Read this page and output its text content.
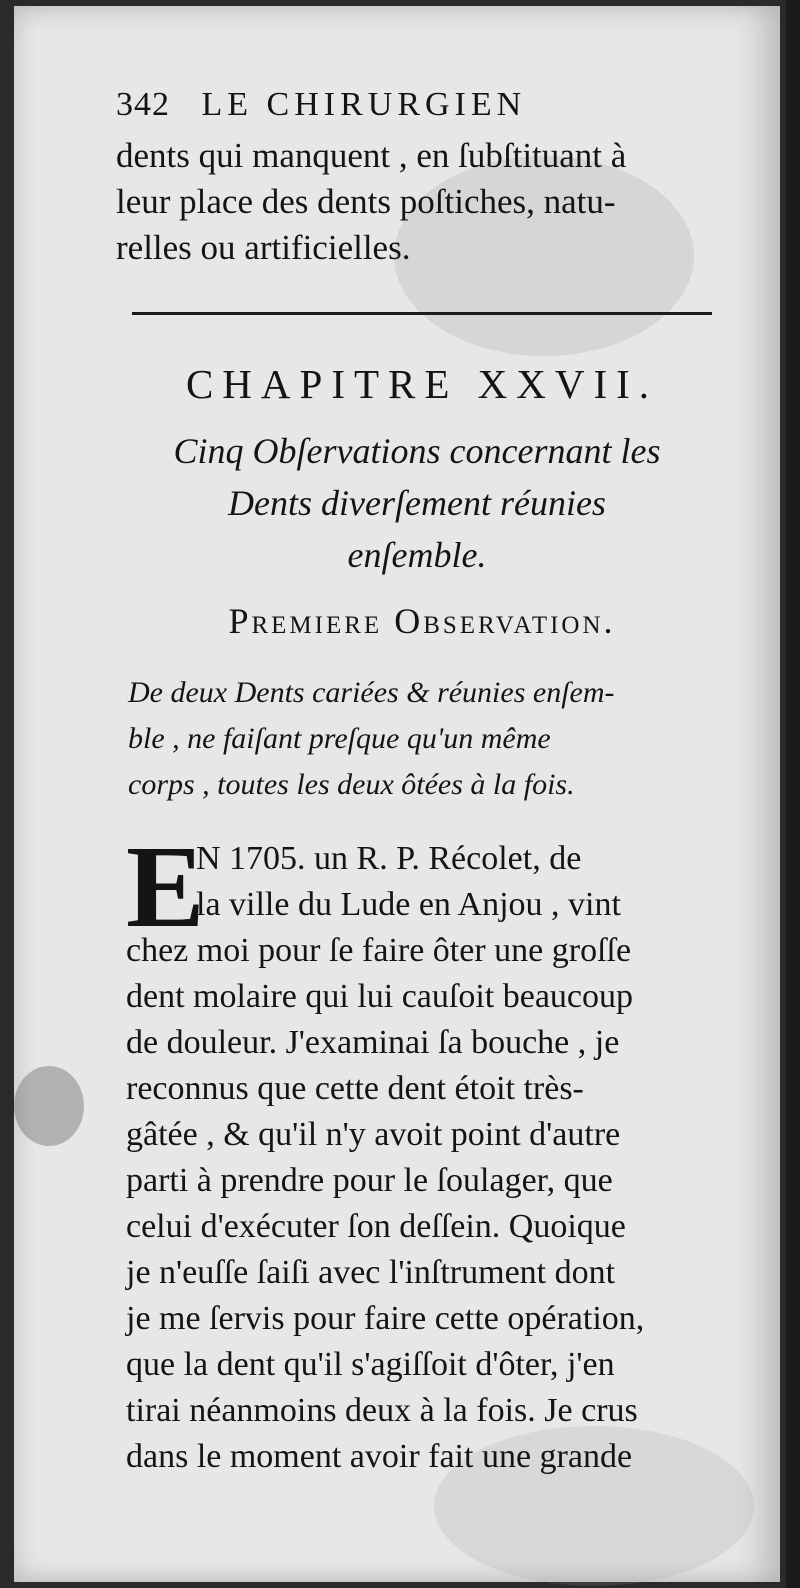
342 LE CHIRURGIEN
dents qui manquent , en ſubſtituant à
leur place des dents poſtiches, natu-
relles ou artificielles.
CHAPITRE XXVII.
Cinq Obſervations concernant les
Dents diverſement réunies
enſemble.
Premiere Observation.
De deux Dents cariées & réunies enſem-
ble , ne faiſant preſque qu'un même
corps , toutes les deux ôtées à la fois.
E
N 1705. un R. P. Récolet, de
la ville du Lude en Anjou , vint
chez moi pour ſe faire ôter une groſſe
dent molaire qui lui cauſoit beaucoup
de douleur. J'examinai ſa bouche , je
reconnus que cette dent étoit très-
gâtée , & qu'il n'y avoit point d'autre
parti à prendre pour le ſoulager, que
celui d'exécuter ſon deſſein. Quoique
je n'euſſe ſaiſi avec l'inſtrument dont
je me ſervis pour faire cette opération,
que la dent qu'il s'agiſſoit d'ôter, j'en
tirai néanmoins deux à la fois. Je crus
dans le moment avoir fait une grande
